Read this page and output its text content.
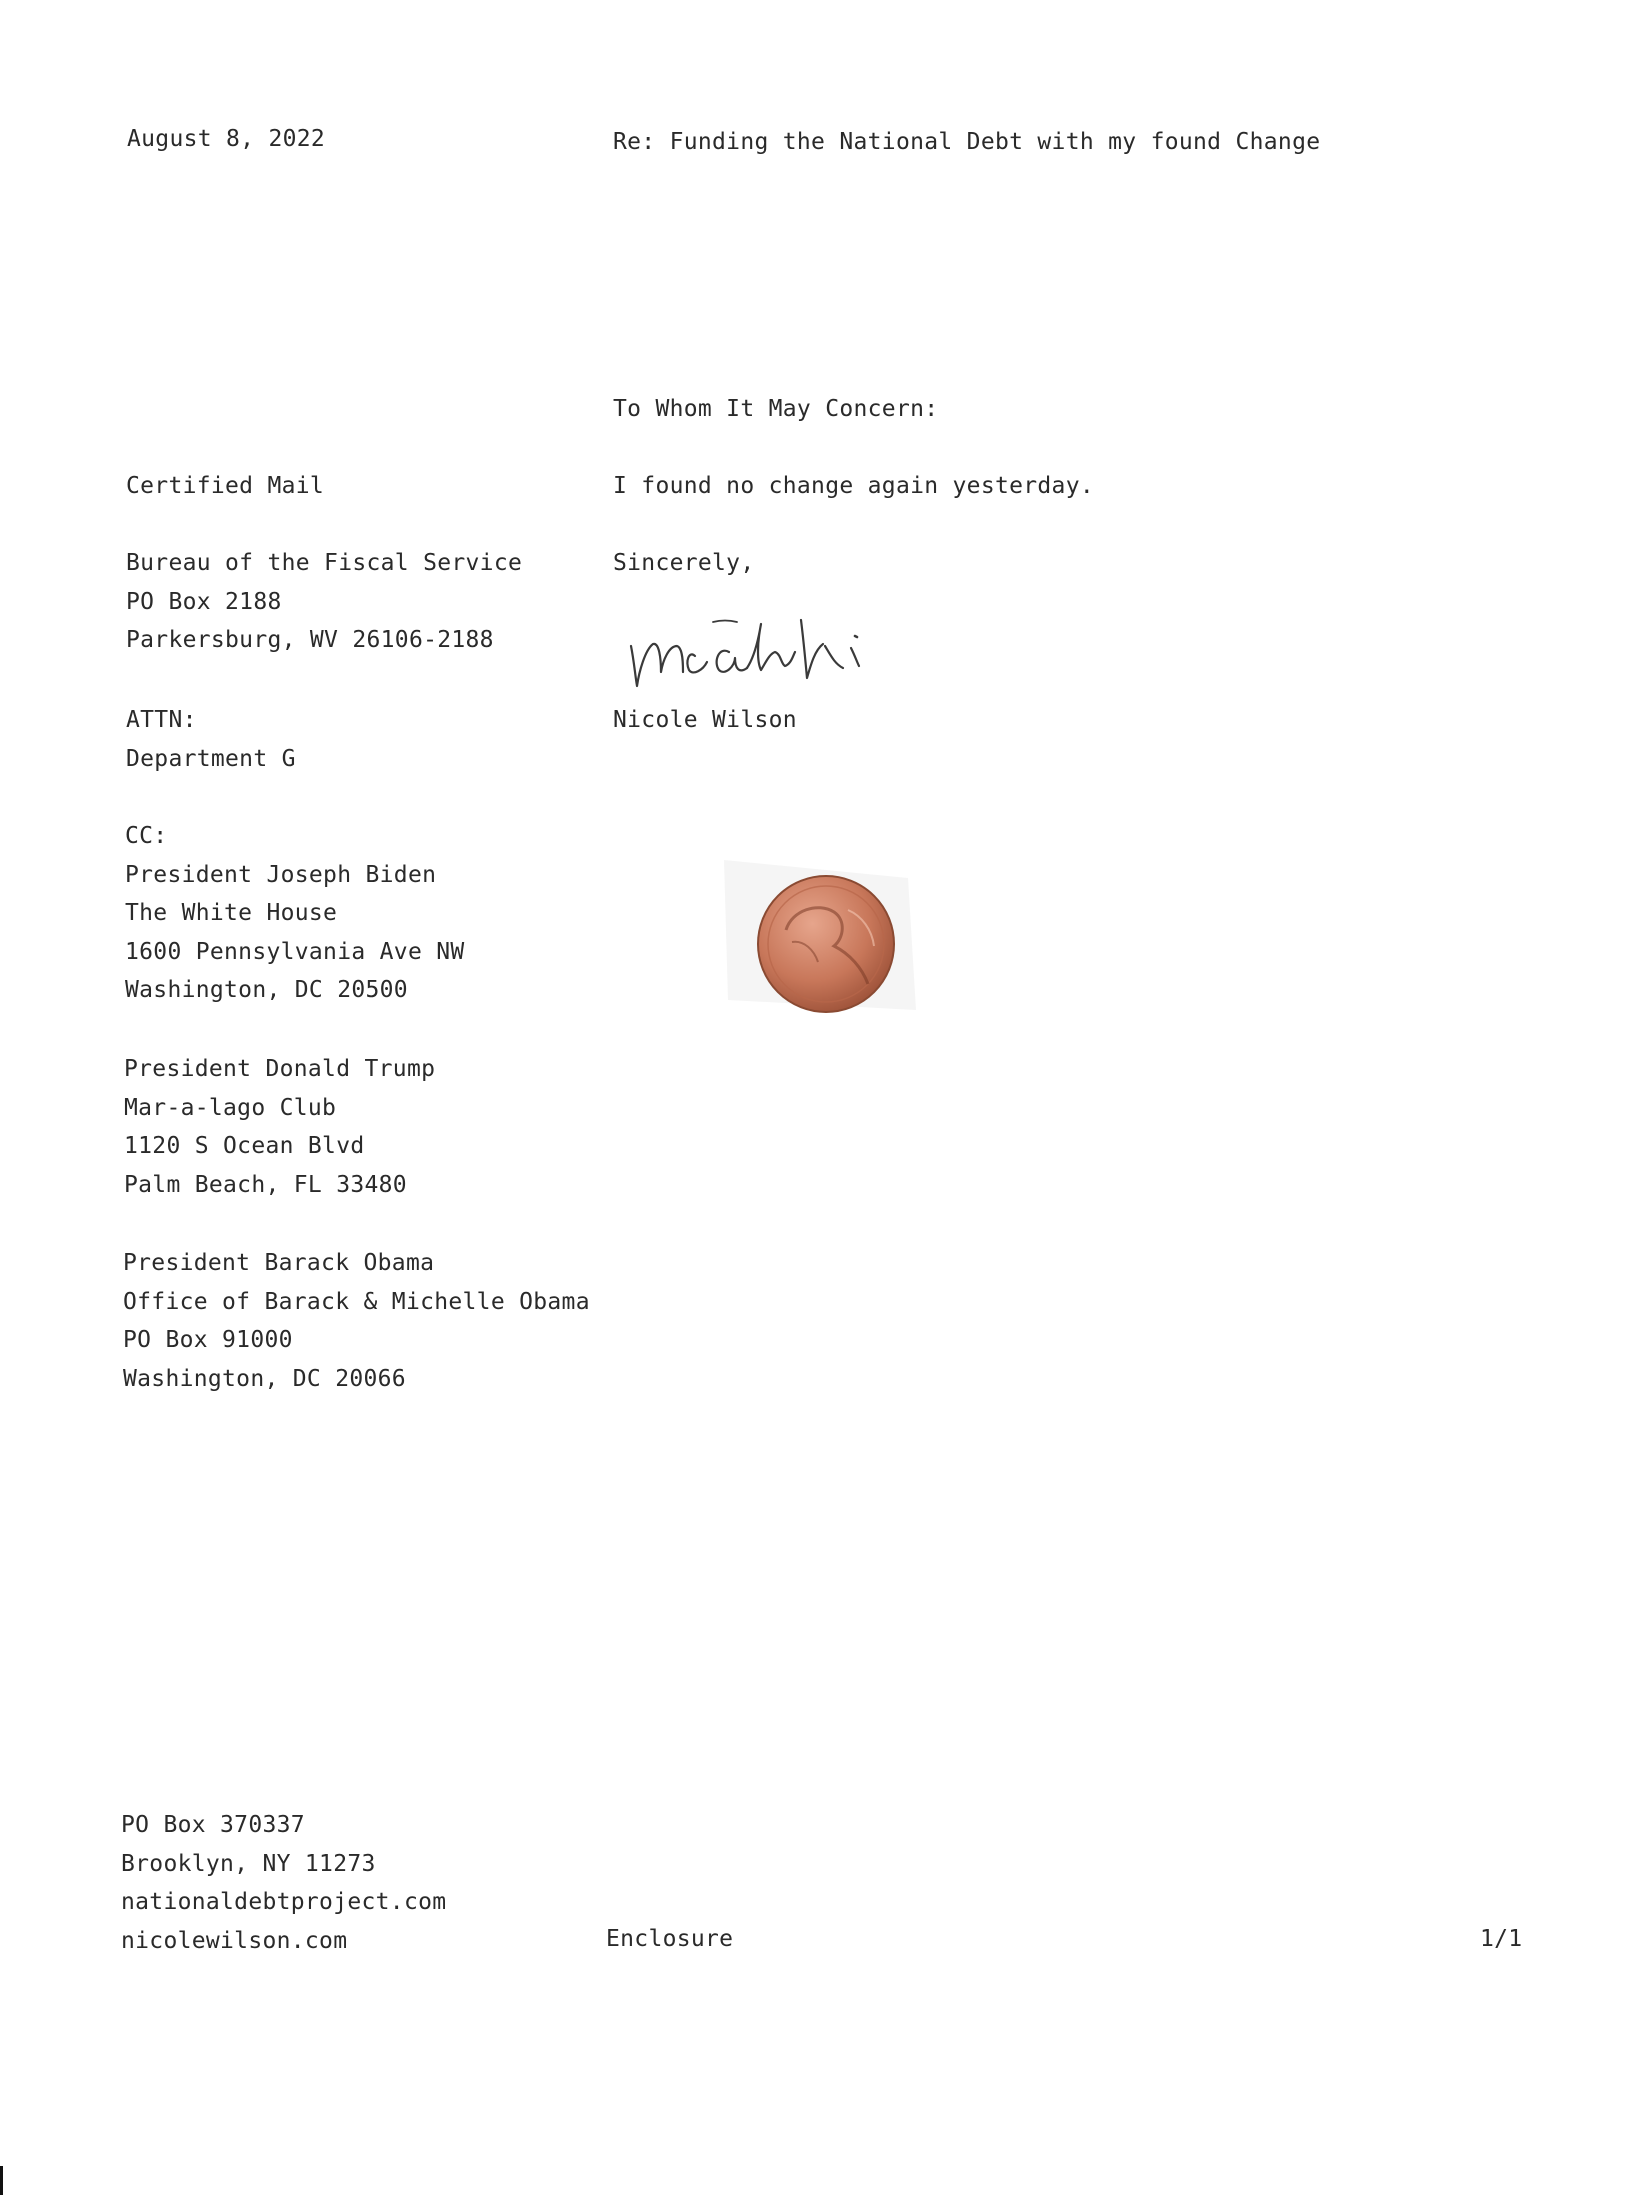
August 8, 2022	Re: Funding the National Debt with my found Change
To Whom It May Concern:
I found no change again yesterday.
Sincerely,
Nicole Wilson
Certified Mail
Bureau of the Fiscal Service
PO Box 2188
Parkersburg, WV 26106-2188
ATTN:
Department G
CC:
President Joseph Biden
The White House
1600 Pennsylvania Ave NW
Washington, DC 20500
President Donald Trump
Mar-a-lago Club
1120 S Ocean Blvd
Palm Beach, FL 33480
President Barack Obama
Office of Barack & Michelle Obama
PO Box 91000
Washington, DC 20066
PO Box 370337
Brooklyn, NY 11273
nationaldebtproject.com
nicolewilson.com	Enclosure	1/1
